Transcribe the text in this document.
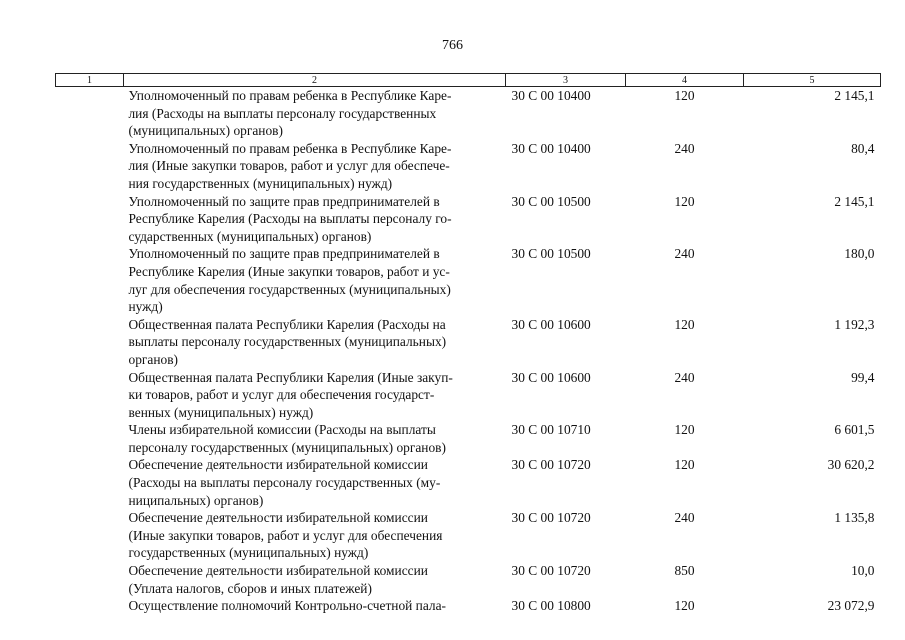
766
1	2	3	4	5
	Уполномоченный по правам ребенка в Республике Каре-
лия (Расходы на выплаты персоналу государственных
(муниципальных) органов)	30 С 00 10400	120	2 145,1
	Уполномоченный по правам ребенка в Республике Каре-
лия (Иные закупки товаров, работ и услуг для обеспече-
ния государственных (муниципальных) нужд)	30 С 00 10400	240	80,4
	Уполномоченный по защите прав предпринимателей в
Республике Карелия (Расходы на выплаты персоналу го-
сударственных (муниципальных) органов)	30 С 00 10500	120	2 145,1
	Уполномоченный по защите прав предпринимателей в
Республике Карелия (Иные закупки товаров, работ и ус-
луг для обеспечения государственных (муниципальных)
нужд)	30 С 00 10500	240	180,0
	Общественная палата Республики Карелия (Расходы на
выплаты персоналу государственных (муниципальных)
органов)	30 С 00 10600	120	1 192,3
	Общественная палата Республики Карелия (Иные закуп-
ки товаров, работ и услуг для обеспечения государст-
венных (муниципальных) нужд)	30 С 00 10600	240	99,4
	Члены избирательной комиссии (Расходы на выплаты
персоналу государственных (муниципальных) органов)	30 С 00 10710	120	6 601,5
	Обеспечение деятельности избирательной комиссии
(Расходы на выплаты персоналу государственных (му-
ниципальных) органов)	30 С 00 10720	120	30 620,2
	Обеспечение деятельности избирательной комиссии
(Иные закупки товаров, работ и услуг для обеспечения
государственных (муниципальных) нужд)	30 С 00 10720	240	1 135,8
	Обеспечение деятельности избирательной комиссии
(Уплата налогов, сборов и иных платежей)	30 С 00 10720	850	10,0
	Осуществление полномочий Контрольно-счетной пала-	30 С 00 10800	120	23 072,9
